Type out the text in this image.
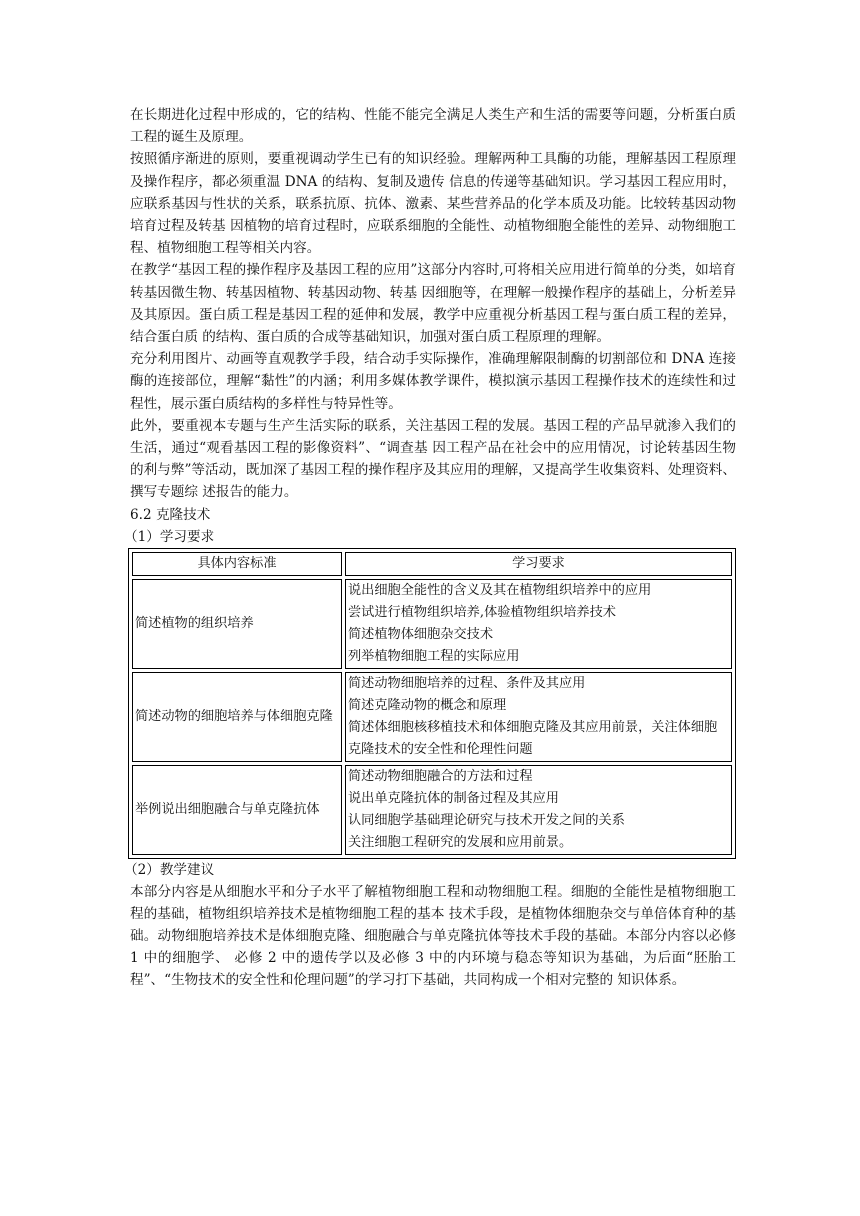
在长期进化过程中形成的，它的结构、性能不能完全满足人类生产和生活的需要等问题，分析蛋白质工程的诞生及原理。

按照循序渐进的原则，要重视调动学生已有的知识经验。理解两种工具酶的功能，理解基因工程原理及操作程序，都必须重温 DNA 的结构、复制及遗传 信息的传递等基础知识。学习基因工程应用时，应联系基因与性状的关系，联系抗原、抗体、激素、某些营养品的化学本质及功能。比较转基因动物培育过程及转基 因植物的培育过程时，应联系细胞的全能性、动植物细胞全能性的差异、动物细胞工程、植物细胞工程等相关内容。

在教学“基因工程的操作程序及基因工程的应用”这部分内容时,可将相关应用进行简单的分类，如培育转基因微生物、转基因植物、转基因动物、转基 因细胞等，在理解一般操作程序的基础上，分析差异及其原因。蛋白质工程是基因工程的延伸和发展，教学中应重视分析基因工程与蛋白质工程的差异，结合蛋白质 的结构、蛋白质的合成等基础知识，加强对蛋白质工程原理的理解。

充分利用图片、动画等直观教学手段，结合动手实际操作，准确理解限制酶的切割部位和 DNA 连接酶的连接部位，理解“黏性”的内涵；利用多媒体教学课件，模拟演示基因工程操作技术的连续性和过程性，展示蛋白质结构的多样性与特异性等。

此外，要重视本专题与生产生活实际的联系，关注基因工程的发展。基因工程的产品早就渗入我们的生活，通过“观看基因工程的影像资料”、“调查基 因工程产品在社会中的应用情况，讨论转基因生物的利与弊”等活动，既加深了基因工程的操作程序及其应用的理解，又提高学生收集资料、处理资料、撰写专题综 述报告的能力。

6.2 克隆技术

（1）学习要求

具体内容标准	学习要求
简述植物的组织培养	说出细胞全能性的含义及其在植物组织培养中的应用
尝试进行植物组织培养,体验植物组织培养技术
简述植物体细胞杂交技术
列举植物细胞工程的实际应用

简述动物的细胞培养与体细胞克隆	简述动物细胞培养的过程、条件及其应用
简述克隆动物的概念和原理
简述体细胞核移植技术和体细胞克隆及其应用前景，关注体细胞克隆技术的安全性和伦理性问题

举例说出细胞融合与单克隆抗体	简述动物细胞融合的方法和过程
说出单克隆抗体的制备过程及其应用
认同细胞学基础理论研究与技术开发之间的关系
关注细胞工程研究的发展和应用前景。

（2）教学建议

本部分内容是从细胞水平和分子水平了解植物细胞工程和动物细胞工程。细胞的全能性是植物细胞工程的基础，植物组织培养技术是植物细胞工程的基本 技术手段，是植物体细胞杂交与单倍体育种的基础。动物细胞培养技术是体细胞克隆、细胞融合与单克隆抗体等技术手段的基础。本部分内容以必修 1 中的细胞学、 必修 2 中的遗传学以及必修 3 中的内环境与稳态等知识为基础，为后面“胚胎工程”、“生物技术的安全性和伦理问题”的学习打下基础，共同构成一个相对完整的 知识体系。
